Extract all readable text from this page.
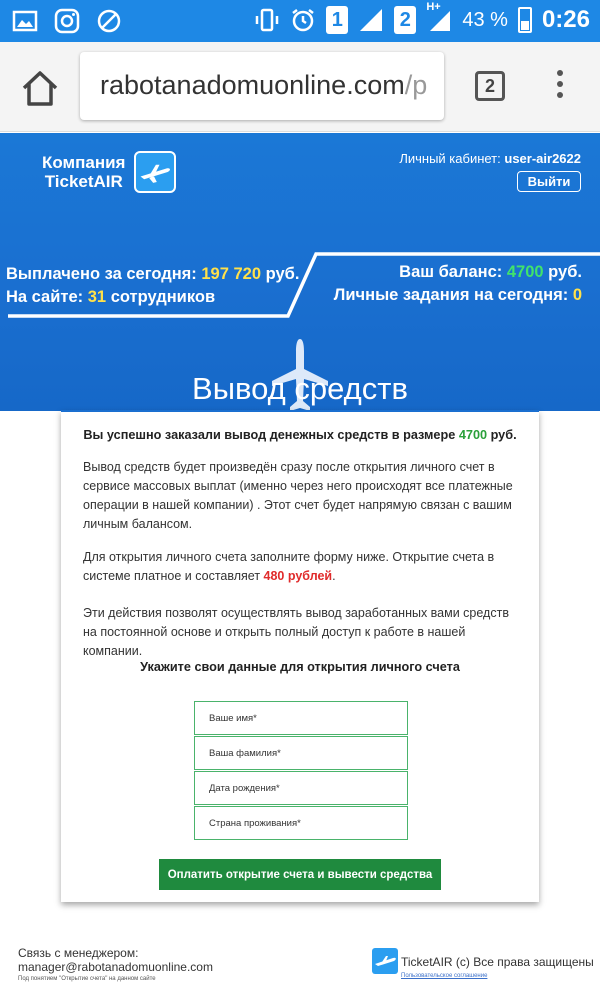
1	2
H+
43 % 0:26
rabotanadomuonline.com/p	2
Компания
TicketAIR
Личный кабинет: user-air2622
Выйти
Выплачено за сегодня: 197 720 руб.
На сайте: 31 сотрудников
Ваш баланс: 4700 руб.
Личные задания на сегодня: 0
Вывод средств
Вы успешно заказали вывод денежных средств в размере 4700 руб.
Вывод средств будет произведён сразу после открытия личного счет в сервисе массовых выплат (именно через него происходят все платежные операции в нашей компании) . Этот счет будет напрямую связан с вашим личным балансом.
Для открытия личного счета заполните форму ниже. Открытие счета в системе платное и составляет 480 рублей.
Эти действия позволят осуществлять вывод заработанных вами средств на постоянной основе и открыть полный доступ к работе в нашей компании.
Укажите свои данные для открытия личного счета
Ваше имя*
Ваша фамилия*
Дата рождения*
Страна проживания*
Оплатить открытие счета и вывести средства
Связь с менеджером:
manager@rabotanadomuonline.com
Под понятием "Открытие счета" на данном сайте
TicketAIR (c) Все права защищены
Пользовательское соглашение
